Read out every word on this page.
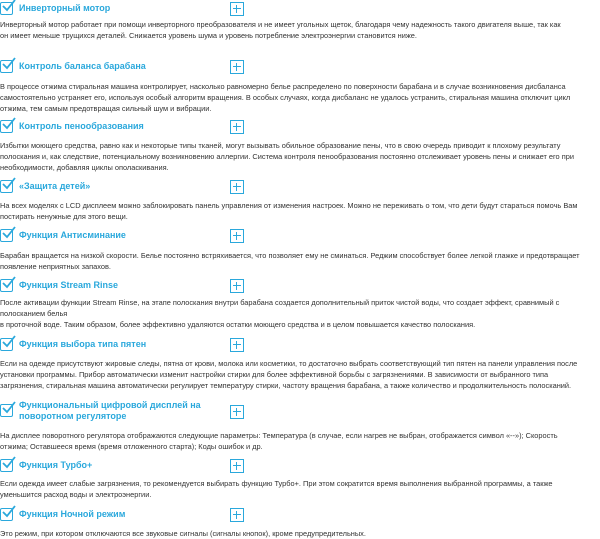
Инверторный мотор
Инверторный мотор работает при помощи инверторного преобразователя и не имеет угольных щеток, благодаря чему надежность такого двигателя выше, так как
он имеет меньше трущихся деталей. Снижается уровень шума и уровень потребление электроэнергии становится ниже.
Контроль баланса барабана
В процессе отжима стиральная машина контролирует, насколько равномерно белье распределено по поверхности барабана и в случае возникновения дисбаланса
самостоятельно устраняет его, используя особый алгоритм вращения. В особых случаях, когда дисбаланс не удалось устранить, стиральная машина отключит цикл
отжима, тем самым предотвращая сильный шум и вибрации.
Контроль пенообразования
Избытки моющего средства, равно как и некоторые типы тканей, могут вызывать обильное образование пены, что в свою очередь приводит к плохому результату
полоскания и, как следствие, потенциальному возникновению аллергии. Система контроля пенообразования постоянно отслеживает уровень пены и снижает его при
необходимости, добавляя циклы ополаскивания.
«Защита детей»
На всех моделях с LCD дисплеем можно заблокировать панель управления от изменения настроек. Можно не переживать о том, что дети будут стараться помочь Вам
постирать ненужные для этого вещи.
Функция Антисминание
Барабан вращается на низкой скорости. Белье постоянно встряхивается, что позволяет ему не сминаться. Реджим способствует более легкой глажке и предотвращает
появление неприятных запахов.
Функция Stream Rinse
После активации функции Stream Rinse, на этапе полоскания внутри барабана создается дополнительный приток чистой воды, что создает эффект, сравнимый с
полосканием белья
в проточной воде. Таким образом, более эффективно удаляются остатки моющего средства и в целом повышается качество полоскания.
Функция выбора типа пятен
Если на одежде присутствуют жировые следы, пятна от крови, молока или косметики, то достаточно выбрать соответствующий тип пятен на панели управления после
установки программы. Прибор автоматически изменит настройки стирки для более эффективной борьбы с загрязнениями. В зависимости от выбранного типа
загрязнения, стиральная машина автоматически регулирует температуру стирки, частоту вращения барабана, а также количество и продолжительность полосканий.
Функциональный цифровой дисплей на
поворотном регуляторе
На дисплее поворотного регулятора отображаются следующие параметры: Температура (в случае, если нагрев не выбран, отображается символ «--»); Скорость
отжима; Оставшееся время (время отложенного старта); Коды ошибок и др.
Функция Турбо+
Если одежда имеет слабые загрязнения, то рекомендуется выбирать функцию Турбо+. При этом сократится время выполнения выбранной программы, а также
уменьшится расход воды и электроэнергии.
Функция Ночной режим
Это режим, при котором отключаются все звуковые сигналы (сигналы кнопок), кроме предупредительных.
